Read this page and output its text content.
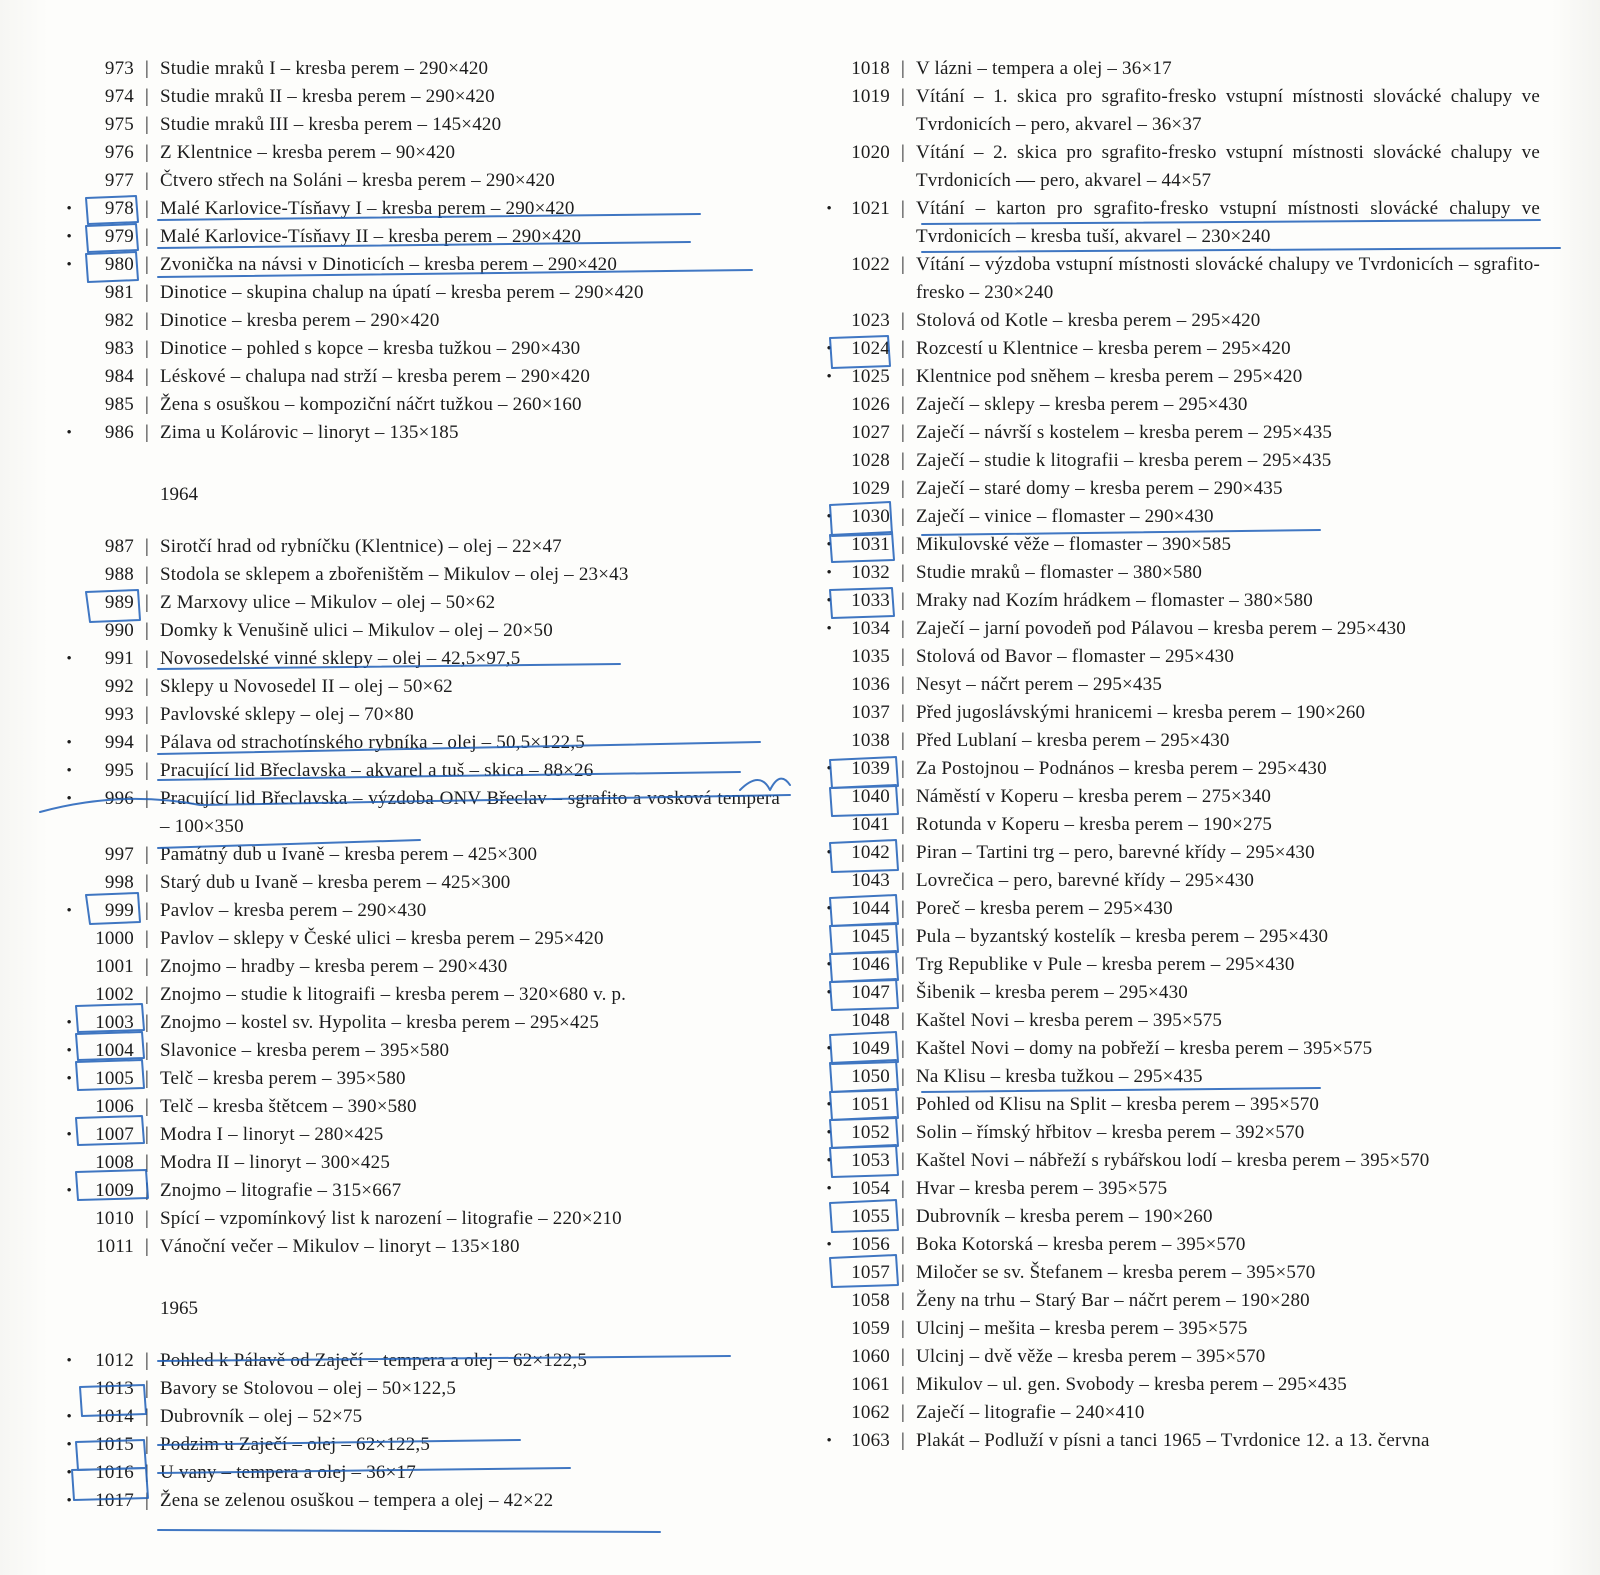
973 | Studie mraků I – kresba perem – 290×420
974 | Studie mraků II – kresba perem – 290×420
975 | Studie mraků III – kresba perem – 145×420
976 | Z Klentnice – kresba perem – 90×420
977 | Čtvero střech na Soláni – kresba perem – 290×420
•	978 | Malé Karlovice-Tísňavy I – kresba perem – 290×420
•	979 | Malé Karlovice-Tísňavy II – kresba perem – 290×420
•	980 | Zvonička na návsi v Dinoticích – kresba perem – 290×420
981 | Dinotice – skupina chalup na úpatí – kresba perem – 290×420
982 | Dinotice – kresba perem – 290×420
983 | Dinotice – pohled s kopce – kresba tužkou – 290×430
984 | Léskové – chalupa nad strží – kresba perem – 290×420
985 | Žena s osuškou – kompoziční náčrt tužkou – 260×160
•	986 | Zima u Kolárovic – linoryt – 135×185
1964
987 | Sirotčí hrad od rybníčku (Klentnice) – olej – 22×47
988 | Stodola se sklepem a zbořeništěm – Mikulov – olej – 23×43
989 | Z Marxovy ulice – Mikulov – olej – 50×62
990 | Domky k Venušině ulici – Mikulov – olej – 20×50
•	991 | Novosedelské vinné sklepy – olej – 42,5×97,5
992 | Sklepy u Novosedel II – olej – 50×62
993 | Pavlovské sklepy – olej – 70×80
•	994 | Pálava od strachotínského rybníka – olej – 50,5×122,5
•	995 | Pracující lid Břeclavska – akvarel a tuš – skica – 88×26
•	996 | Pracující lid Břeclavska – výzdoba ONV Břeclav – sgrafito a vosková tempera – 100×350
997 | Památný dub u Ivaně – kresba perem – 425×300
998 | Starý dub u Ivaně – kresba perem – 425×300
•	999 | Pavlov – kresba perem – 290×430
1000 | Pavlov – sklepy v České ulici – kresba perem – 295×420
1001 | Znojmo – hradby – kresba perem – 290×430
1002 | Znojmo – studie k litograifi – kresba perem – 320×680 v. p.
•	1003 | Znojmo – kostel sv. Hypolita – kresba perem – 295×425
•	1004 | Slavonice – kresba perem – 395×580
•	1005 | Telč – kresba perem – 395×580
1006 | Telč – kresba štětcem – 390×580
•	1007 | Modra I – linoryt – 280×425
1008 | Modra II – linoryt – 300×425
•	1009 | Znojmo – litografie – 315×667
1010 | Spící – vzpomínkový list k narození – litografie – 220×210
1011 | Vánoční večer – Mikulov – linoryt – 135×180
1965
•	1012 | Pohled k Pálavě od Zaječí – tempera a olej – 62×122,5
1013 | Bavory se Stolovou – olej – 50×122,5
•	1014 | Dubrovník – olej – 52×75
•	1015 | Podzim u Zaječí – olej – 62×122,5
•	1016 | U vany – tempera a olej – 36×17
•	1017 | Žena se zelenou osuškou – tempera a olej – 42×22
1018 | V lázni – tempera a olej – 36×17
1019 | Vítání – 1. skica pro sgrafito-fresko vstupní místnosti slovácké chalupy ve Tvrdonicích – pero, akvarel – 36×37
1020 | Vítání – 2. skica pro sgrafito-fresko vstupní místnosti slovácké chalupy ve Tvrdonicích — pero, akvarel – 44×57
•	1021 | Vítání – karton pro sgrafito-fresko vstupní místnosti slovácké chalupy ve Tvrdonicích – kresba tuší, akvarel – 230×240
1022 | Vítání – výzdoba vstupní místnosti slovácké chalupy ve Tvrdonicích – sgrafito-fresko – 230×240
1023 | Stolová od Kotle – kresba perem – 295×420
•	1024 | Rozcestí u Klentnice – kresba perem – 295×420
•	1025 | Klentnice pod sněhem – kresba perem – 295×420
1026 | Zaječí – sklepy – kresba perem – 295×430
1027 | Zaječí – návrší s kostelem – kresba perem – 295×435
1028 | Zaječí – studie k litografii – kresba perem – 295×435
1029 | Zaječí – staré domy – kresba perem – 290×435
•	1030 | Zaječí – vinice – flomaster – 290×430
•	1031 | Mikulovské věže – flomaster – 390×585
•	1032 | Studie mraků – flomaster – 380×580
•	1033 | Mraky nad Kozím hrádkem – flomaster – 380×580
•	1034 | Zaječí – jarní povodeň pod Pálavou – kresba perem – 295×430
1035 | Stolová od Bavor – flomaster – 295×430
1036 | Nesyt – náčrt perem – 295×435
1037 | Před jugoslávskými hranicemi – kresba perem – 190×260
1038 | Před Lublaní – kresba perem – 295×430
•	1039 | Za Postojnou – Podnános – kresba perem – 295×430
1040 | Náměstí v Koperu – kresba perem – 275×340
1041 | Rotunda v Koperu – kresba perem – 190×275
•	1042 | Piran – Tartini trg – pero, barevné křídy – 295×430
1043 | Lovrečica – pero, barevné křídy – 295×430
•	1044 | Poreč – kresba perem – 295×430
1045 | Pula – byzantský kostelík – kresba perem – 295×430
•	1046 | Trg Republike v Pule – kresba perem – 295×430
•	1047 | Šibenik – kresba perem – 295×430
1048 | Kaštel Novi – kresba perem – 395×575
•	1049 | Kaštel Novi – domy na pobřeží – kresba perem – 395×575
1050 | Na Klisu – kresba tužkou – 295×435
•	1051 | Pohled od Klisu na Split – kresba perem – 395×570
•	1052 | Solin – římský hřbitov – kresba perem – 392×570
•	1053 | Kaštel Novi – nábřeží s rybářskou lodí – kresba perem – 395×570
•	1054 | Hvar – kresba perem – 395×575
1055 | Dubrovník – kresba perem – 190×260
•	1056 | Boka Kotorská – kresba perem – 395×570
1057 | Miločer se sv. Štefanem – kresba perem – 395×570
1058 | Ženy na trhu – Starý Bar – náčrt perem – 190×280
1059 | Ulcinj – mešita – kresba perem – 395×575
1060 | Ulcinj – dvě věže – kresba perem – 395×570
1061 | Mikulov – ul. gen. Svobody – kresba perem – 295×435
1062 | Zaječí – litografie – 240×410
•	1063 | Plakát – Podluží v písni a tanci 1965 – Tvrdonice 12. a 13. června
